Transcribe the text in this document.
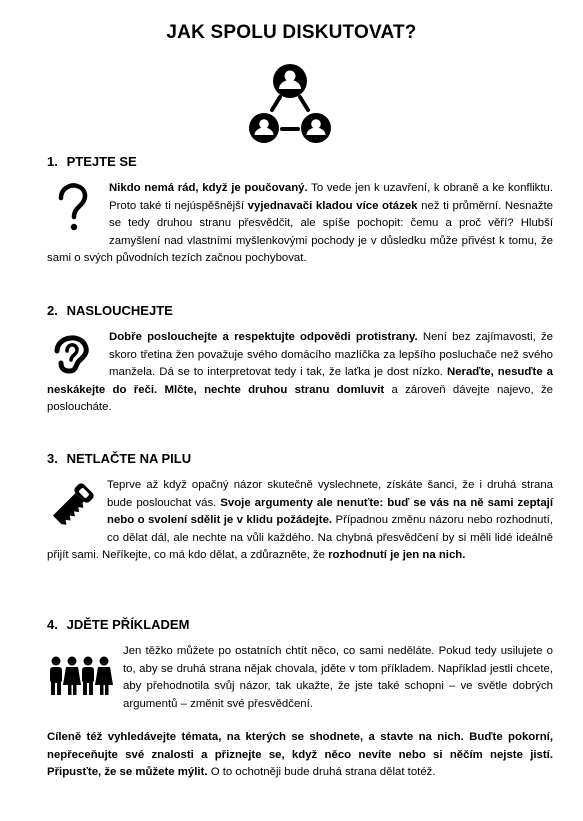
JAK SPOLU DISKUTOVAT?
1. PTEJTE SE

Nikdo nemá rád, když je poučovaný. To vede jen k uzavření, k obraně a ke konfliktu. Proto také ti nejúspěšnější vyjednavači kladou více otázek než ti průměrní. Nesnažte se tedy druhou stranu přesvědčit, ale spíše pochopit: čemu a proč věří? Hlubší zamyšlení nad vlastními myšlenkovými pochody je v důsledku může přivést k tomu, že sami o svých původních tezích začnou pochybovat.

2. NASLOUCHEJTE

Dobře poslouchejte a respektujte odpovědi protistrany. Není bez zajímavosti, že skoro třetina žen považuje svého domácího mazlíčka za lepšího posluchače než svého manžela. Dá se to interpretovat tedy i tak, že laťka je dost nízko. Neraďte, nesuďte a neskákejte do řeči. Mlčte, nechte druhou stranu domluvit a zároveň dávejte najevo, že posloucháte.

3. NETLAČTE NA PILU

Teprve až když opačný názor skutečně vyslechnete, získáte šanci, že i druhá strana bude poslouchat vás. Svoje argumenty ale nenuťte: buď se vás na ně sami zeptají nebo o svolení sdělit je v klidu požádejte. Případnou změnu názoru nebo rozhodnutí, co dělat dál, ale nechte na vůli každého. Na chybná přesvědčení by si měli lidé ideálně přijít sami. Neříkejte, co má kdo dělat, a zdůrazněte, že rozhodnutí je jen na nich.

4. JDĚTE PŘÍKLADEM

Jen těžko můžete po ostatních chtít něco, co sami neděláte. Pokud tedy usilujete o to, aby se druhá strana nějak chovala, jděte v tom příkladem. Například jestli chcete, aby přehodnotila svůj názor, tak ukažte, že jste také schopni – ve světle dobrých argumentů – změnit své přesvědčení.

Cíleně též vyhledávejte témata, na kterých se shodnete, a stavte na nich. Buďte pokorní, nepřeceňujte své znalosti a přiznejte se, když něco nevíte nebo si něčím nejste jistí. Připusťte, že se můžete mýlit. O to ochotněji bude druhá strana dělat totéž.
